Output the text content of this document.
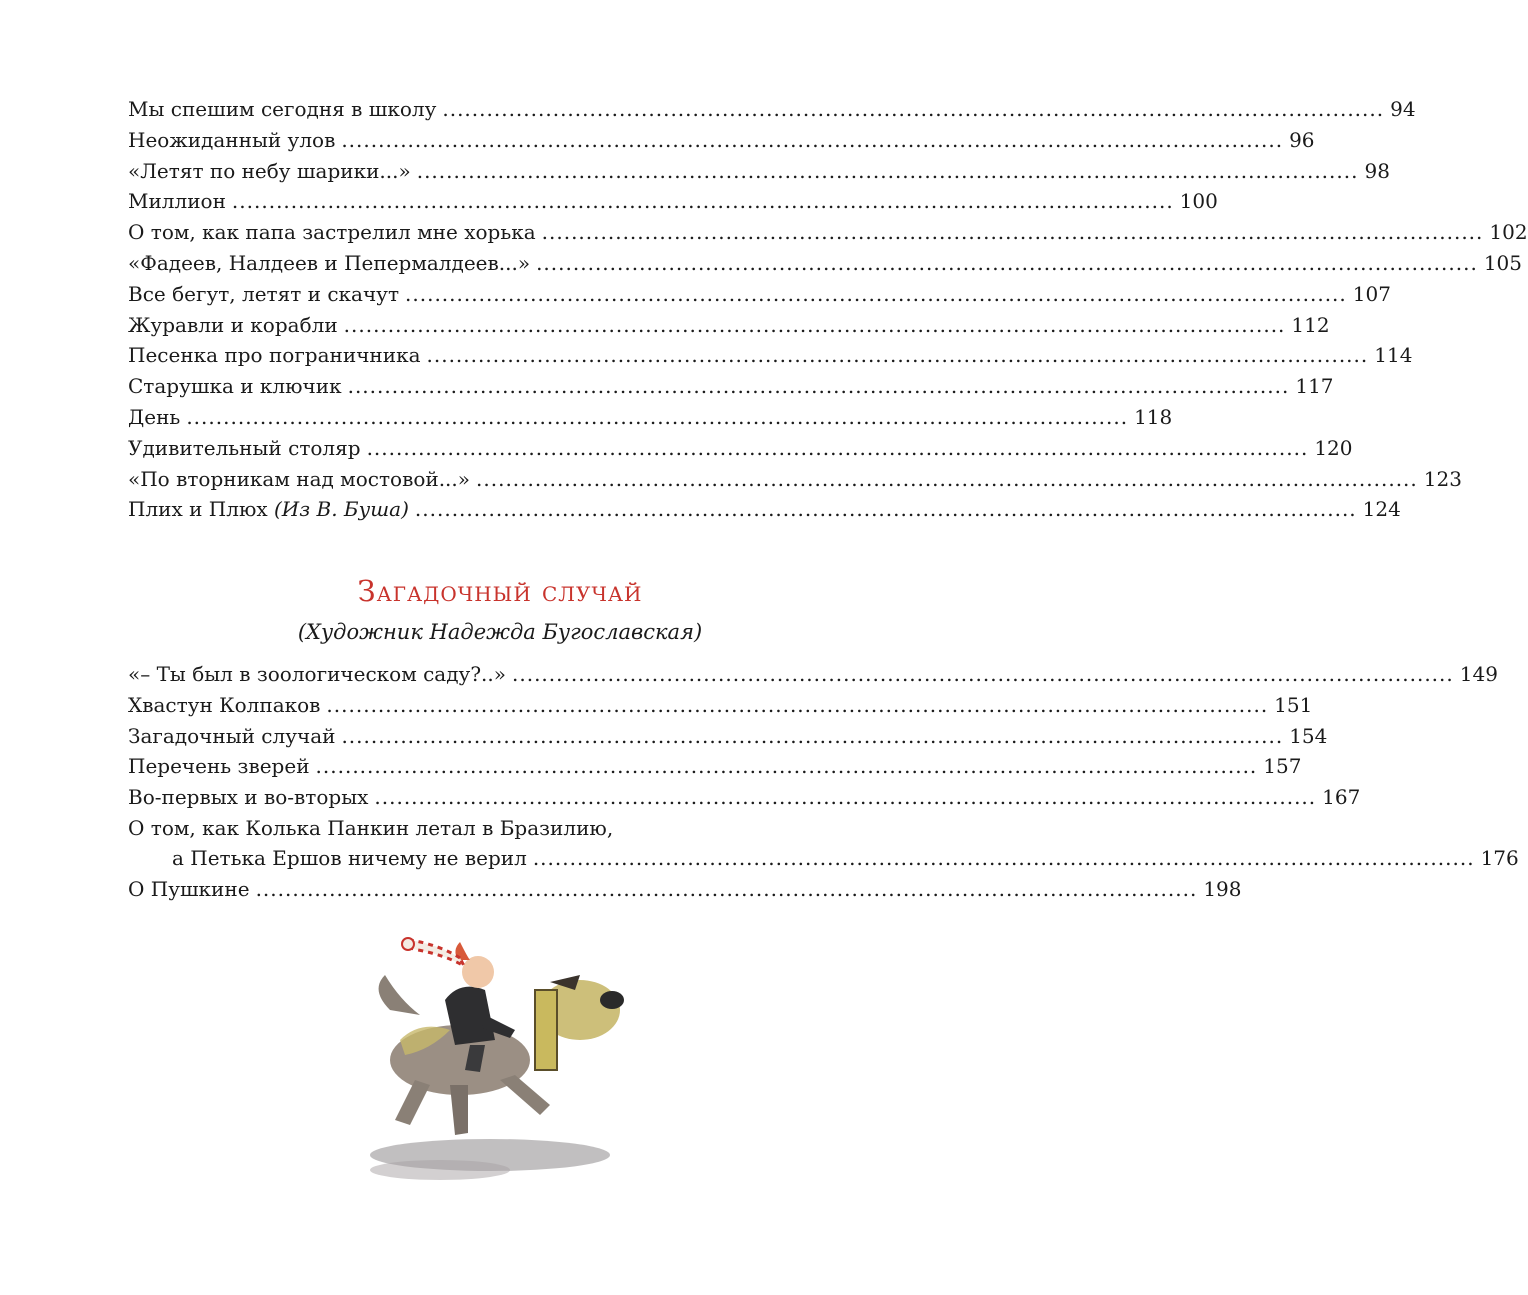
Мы спешим сегодня в школу ................................................................................................................................ 94
Неожиданный улов ................................................................................................................................ 96
«Летят по небу шарики...» ................................................................................................................................ 98
Миллион ................................................................................................................................ 100
О том, как папа застрелил мне хорька ................................................................................................................................ 102
«Фадеев, Налдеев и Пепермалдеев...» ................................................................................................................................ 105
Все бегут, летят и скачут ................................................................................................................................ 107
Журавли и корабли ................................................................................................................................ 112
Песенка про пограничника ................................................................................................................................ 114
Старушка и ключик ................................................................................................................................ 117
День ................................................................................................................................ 118
Удивительный столяр ................................................................................................................................ 120
«По вторникам над мостовой...» ................................................................................................................................ 123
Плих и Плюх (Из В. Буша) ................................................................................................................................ 124
Загадочный случай
(Художник Надежда Бугославская)
«– Ты был в зоологическом саду?..» ................................................................................................................................ 149
Хвастун Колпаков ................................................................................................................................ 151
Загадочный случай ................................................................................................................................ 154
Перечень зверей ................................................................................................................................ 157
Во-первых и во-вторых ................................................................................................................................ 167
О том, как Колька Панкин летал в Бразилию,
а Петька Ершов ничему не верил ................................................................................................................................ 176
О Пушкине ................................................................................................................................ 198
